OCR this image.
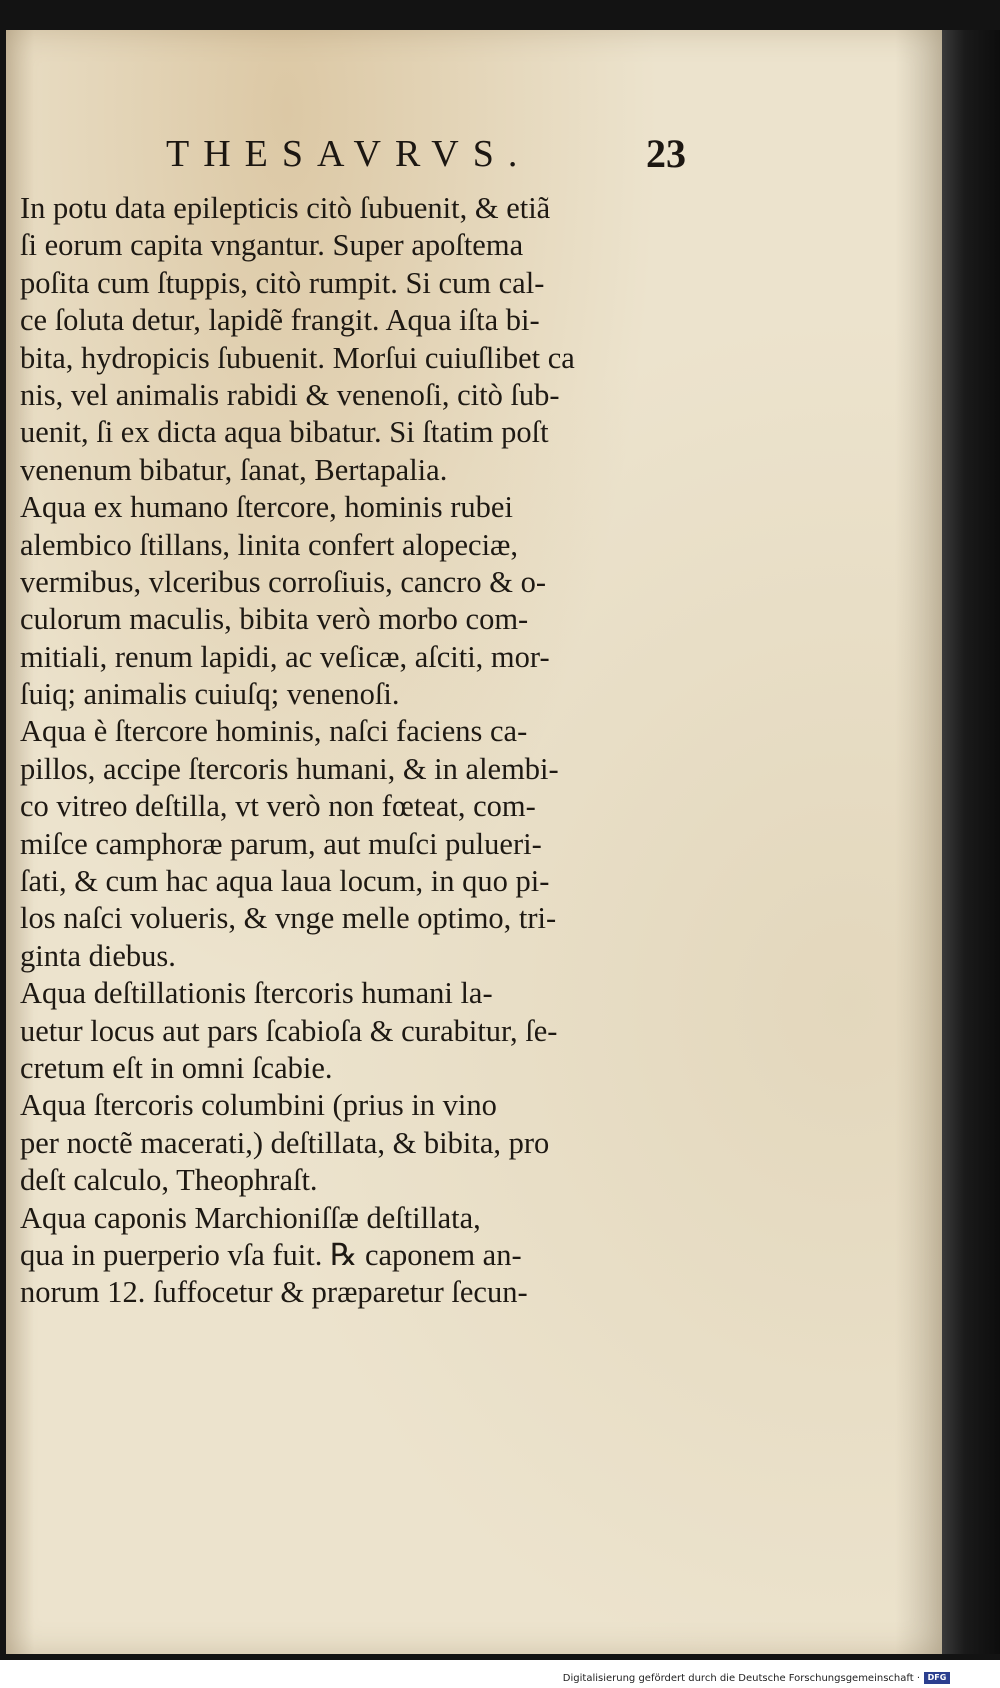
THESAVRVS.	23
In potu data epilepticis citò ſubuenit, & etiã
ſi eorum capita vngantur. Super apoſtema
poſita cum ſtuppis, citò rumpit. Si cum cal-
ce ſoluta detur, lapidẽ frangit. Aqua iſta bi-
bita, hydropicis ſubuenit. Morſui cuiuſlibet ca
nis, vel animalis rabidi & venenoſi, citò ſub-
uenit, ſi ex dicta aqua bibatur. Si ſtatim poſt
venenum bibatur, ſanat, Bertapalia.
Aqua ex humano ſtercore, hominis rubei
alembico ſtillans, linita confert alopeciæ,
vermibus, vlceribus corroſiuis, cancro & o-
culorum maculis, bibita verò morbo com-
mitiali, renum lapidi, ac veſicæ, aſciti, mor-
ſuiq; animalis cuiuſq; venenoſi.
Aqua è ſtercore hominis, naſci faciens ca-
pillos, accipe ſtercoris humani, & in alembi-
co vitreo deſtilla, vt verò non fœteat, com-
miſce camphoræ parum, aut muſci pulueri-
ſati, & cum hac aqua laua locum, in quo pi-
los naſci volueris, & vnge melle optimo, tri-
ginta diebus.
Aqua deſtillationis ſtercoris humani la-
uetur locus aut pars ſcabioſa & curabitur, ſe-
cretum eſt in omni ſcabie.
Aqua ſtercoris columbini (prius in vino
per noctẽ macerati,) deſtillata, & bibita, pro
deſt calculo, Theophraſt.
Aqua caponis Marchioniſſæ deſtillata,
qua in puerperio vſa fuit. ℞ caponem an-
norum 12. ſuffocetur & præparetur ſecun-
Digitalisierung gefördert durch die Deutsche Forschungsgemeinschaft · DFG
